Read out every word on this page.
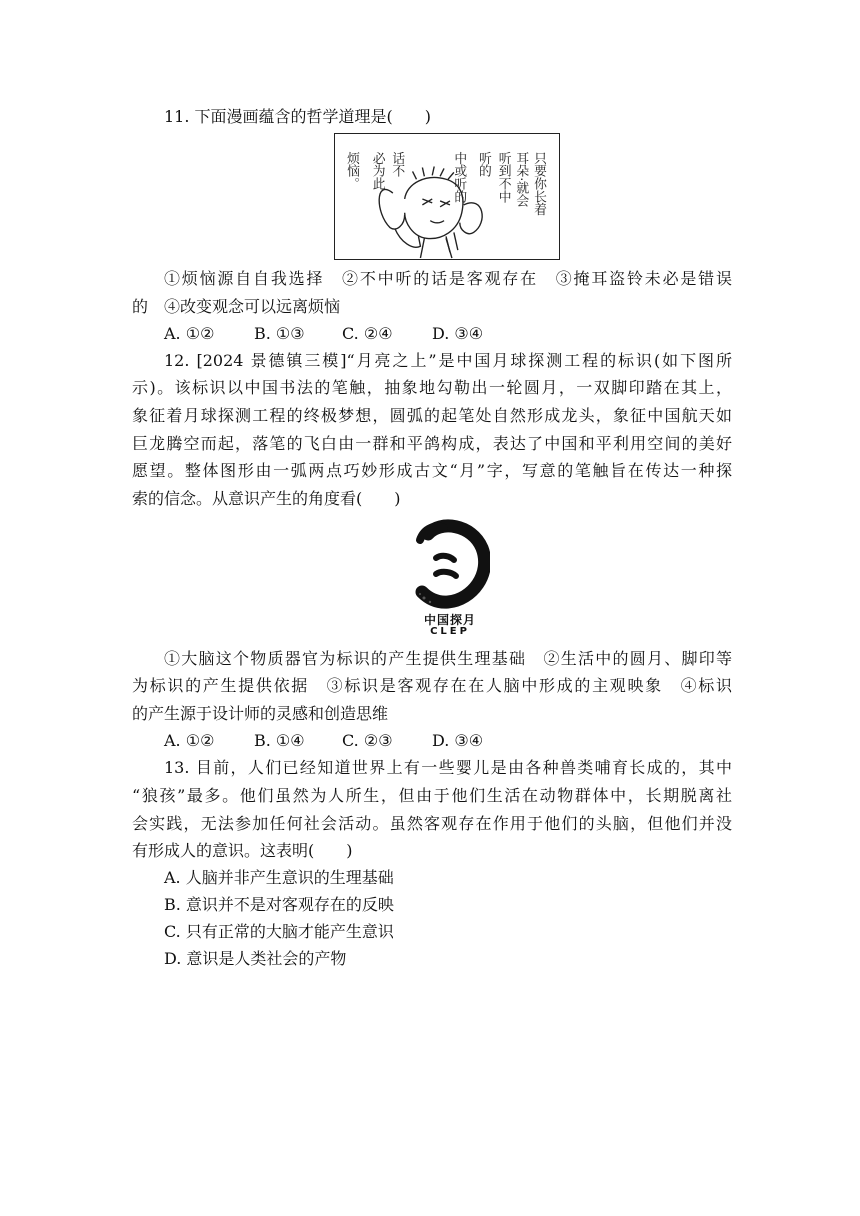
11. 下面漫画蕴含的哲学道理是(　　)
只要你长着
耳朵·就会
听到不中
听的
中或听的
话不
必为此
烦恼。
①烦恼源自自我选择　②不中听的话是客观存在　③掩耳盗铃未必是错误
的　④改变观念可以远离烦恼
A. ①②	B. ①③	C. ②④	D. ③④
12. [2024 景德镇三模]“月亮之上”是中国月球探测工程的标识(如下图所
示)。该标识以中国书法的笔触，抽象地勾勒出一轮圆月，一双脚印踏在其上，
象征着月球探测工程的终极梦想，圆弧的起笔处自然形成龙头，象征中国航天如
巨龙腾空而起，落笔的飞白由一群和平鸽构成，表达了中国和平利用空间的美好
愿望。整体图形由一弧两点巧妙形成古文“月”字，写意的笔触旨在传达一种探
索的信念。从意识产生的角度看(　　)
中国探月
CLEP
①大脑这个物质器官为标识的产生提供生理基础　②生活中的圆月、脚印等
为标识的产生提供依据　③标识是客观存在在人脑中形成的主观映象　④标识
的产生源于设计师的灵感和创造思维
A. ①②	B. ①④	C. ②③	D. ③④
13. 目前，人们已经知道世界上有一些婴儿是由各种兽类哺育长成的，其中
“狼孩”最多。他们虽然为人所生，但由于他们生活在动物群体中，长期脱离社
会实践，无法参加任何社会活动。虽然客观存在作用于他们的头脑，但他们并没
有形成人的意识。这表明(　　)
A. 人脑并非产生意识的生理基础
B. 意识并不是对客观存在的反映
C. 只有正常的大脑才能产生意识
D. 意识是人类社会的产物
